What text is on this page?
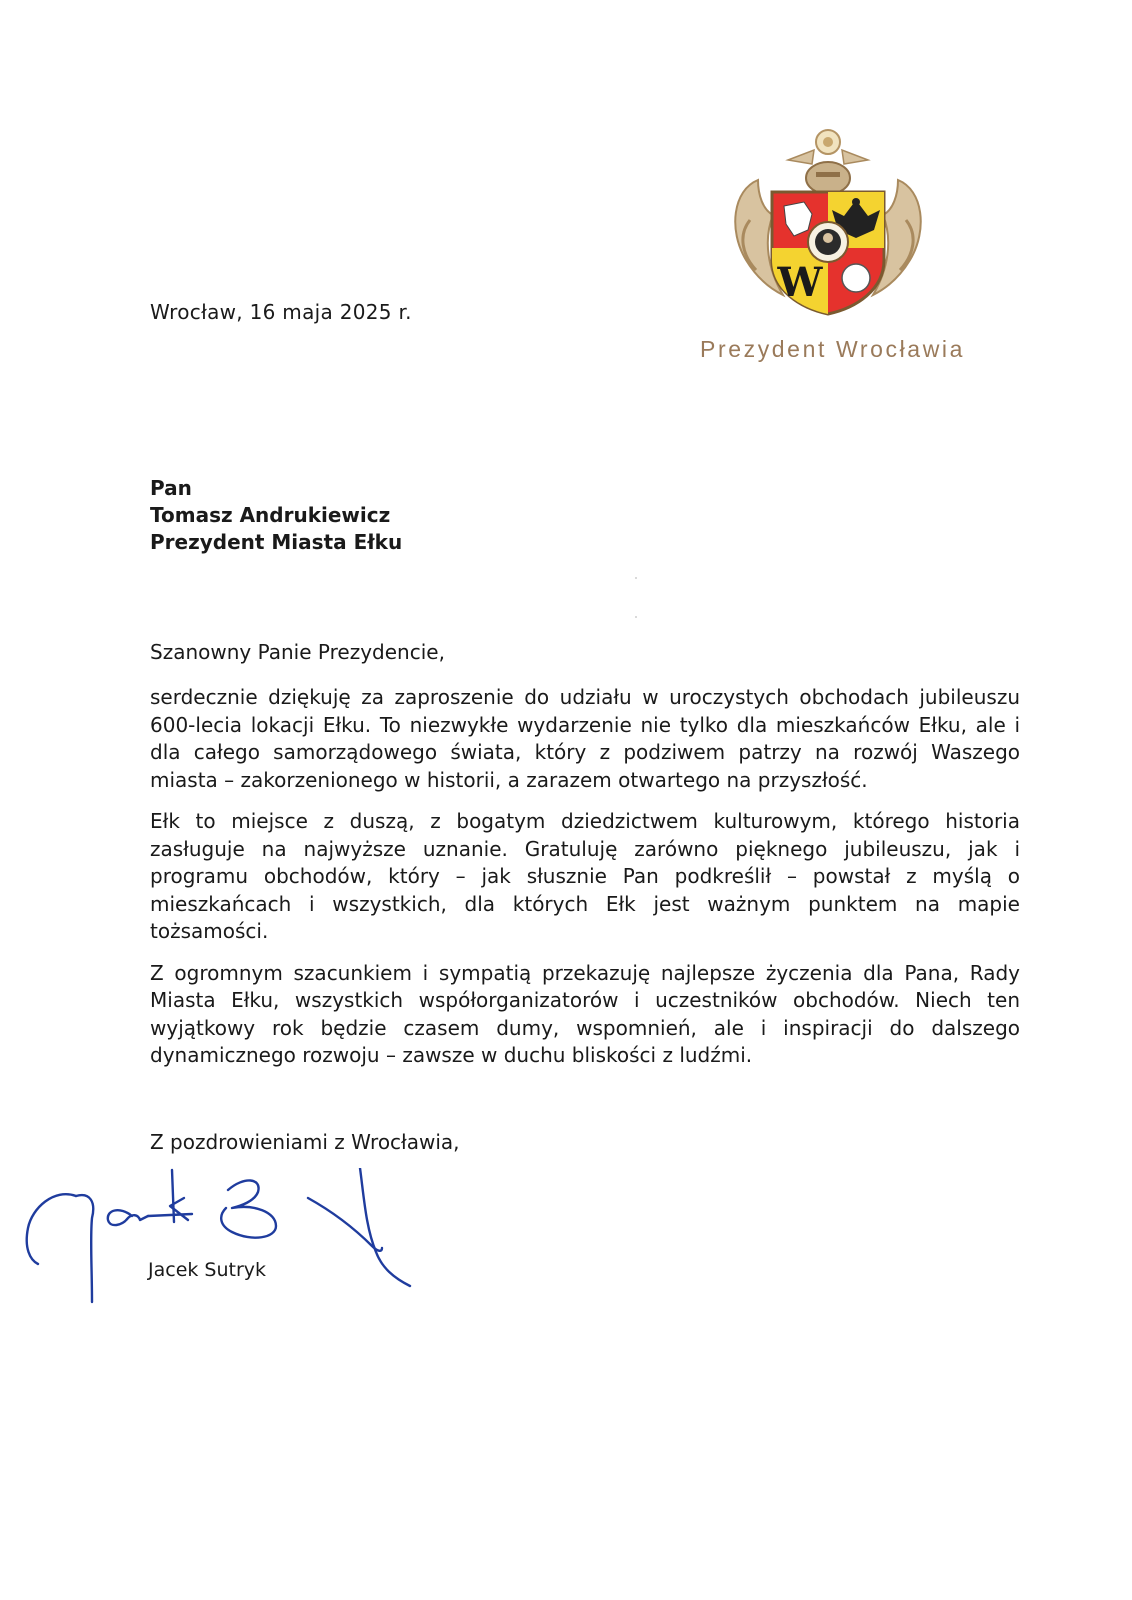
W
Prezydent Wrocławia
Wrocław, 16 maja 2025 r.
Pan
Tomasz Andrukiewicz
Prezydent Miasta Ełku
Szanowny Panie Prezydencie,

serdecznie dziękuję za zaproszenie do udziału w uroczystych obchodach jubileuszu 600-lecia lokacji Ełku. To niezwykłe wydarzenie nie tylko dla mieszkańców Ełku, ale i dla całego samorządowego świata, który z podziwem patrzy na rozwój Waszego miasta – zakorzenionego w historii, a zarazem otwartego na przyszłość.

Ełk to miejsce z duszą, z bogatym dziedzictwem kulturowym, którego historia zasługuje na najwyższe uznanie. Gratuluję zarówno pięknego jubileuszu, jak i programu obchodów, który – jak słusznie Pan podkreślił – powstał z myślą o mieszkańcach i wszystkich, dla których Ełk jest ważnym punktem na mapie tożsamości.

Z ogromnym szacunkiem i sympatią przekazuję najlepsze życzenia dla Pana, Rady Miasta Ełku, wszystkich współorganizatorów i uczestników obchodów. Niech ten wyjątkowy rok będzie czasem dumy, wspomnień, ale i inspiracji do dalszego dynamicznego rozwoju – zawsze w duchu bliskości z ludźmi.

Z pozdrowieniami z Wrocławia,
Jacek Sutryk
